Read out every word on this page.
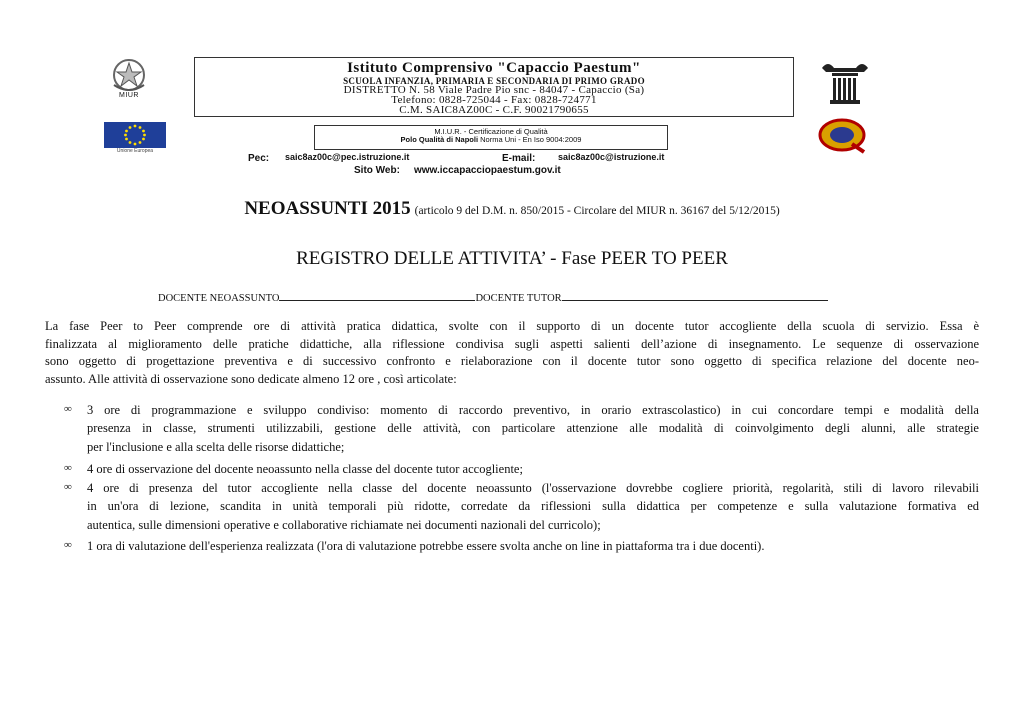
MIUR
Unione Europea
Istituto Comprensivo "Capaccio Paestum"
SCUOLA INFANZIA, PRIMARIA E SECONDARIA DI PRIMO GRADO
DISTRETTO N. 58 Viale Padre Pio snc - 84047 - Capaccio (Sa)
Telefono: 0828-725044 - Fax: 0828-724771
C.M. SAIC8AZ00C - C.F. 90021790655
M.I.U.R. - Certificazione di Qualità
Polo Qualità di Napoli Norma Uni - En Iso 9004:2009
Pec: saic8az00c@pec.istruzione.it	E-mail:	saic8az00c@istruzione.it
Sito Web: www.iccapacciopaestum.gov.it
NEOASSUNTI 2015 (articolo 9 del D.M. n. 850/2015 - Circolare del MIUR n. 36167 del 5/12/2015)
REGISTRO DELLE ATTIVITA’ - Fase PEER TO PEER
DOCENTE NEOASSUNTO	DOCENTE TUTOR
La fase Peer to Peer comprende ore di attività pratica didattica, svolte con il supporto di un docente tutor accogliente della scuola di servizio. Essa è
finalizzata al miglioramento delle pratiche didattiche, alla riflessione condivisa sugli aspetti salienti dell’azione di insegnamento. Le sequenze di osservazione
sono oggetto di progettazione preventiva e di successivo confronto e rielaborazione con il docente tutor sono oggetto di specifica relazione del docente neo-
assunto. Alle attività di osservazione sono dedicate almeno 12 ore , così articolate:
∞ 3 ore di programmazione e sviluppo condiviso: momento di raccordo preventivo, in orario extrascolastico) in cui concordare tempi e modalità della
presenza in classe, strumenti utilizzabili, gestione delle attività, con particolare attenzione alle modalità di coinvolgimento degli alunni, alle strategie
per l'inclusione e alla scelta delle risorse didattiche;
∞ 4 ore di osservazione del docente neoassunto nella classe del docente tutor accogliente;
∞ 4 ore di presenza del tutor accogliente nella classe del docente neoassunto (l'osservazione dovrebbe cogliere priorità, regolarità, stili di lavoro rilevabili
in un'ora di lezione, scandita in unità temporali più ridotte, corredate da riflessioni sulla didattica per competenze e sulla valutazione formativa ed
autentica, sulle dimensioni operative e collaborative richiamate nei documenti nazionali del curricolo);
∞ 1 ora di valutazione dell'esperienza realizzata (l'ora di valutazione potrebbe essere svolta anche on line in piattaforma tra i due docenti).
